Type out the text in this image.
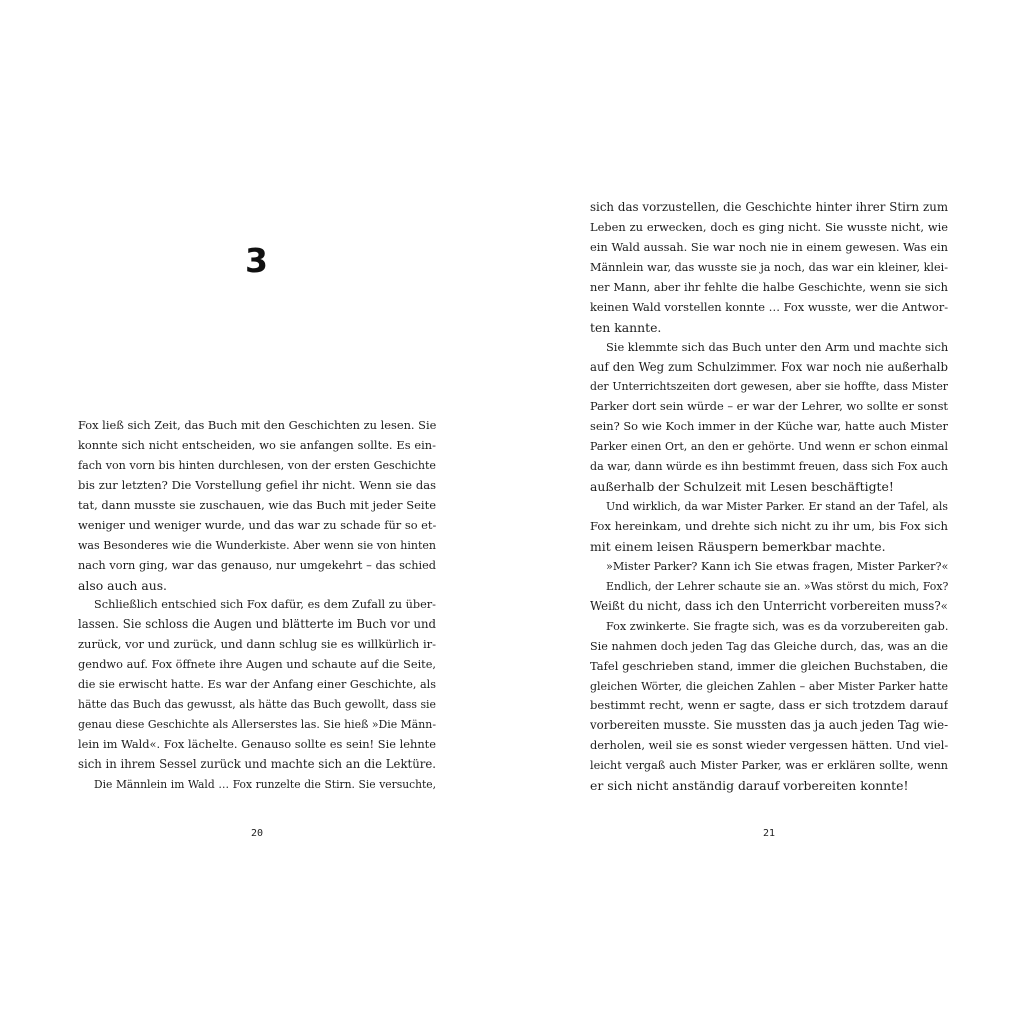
3
Fox ließ sich Zeit, das Buch mit den Geschichten zu lesen. Sie
konnte sich nicht entscheiden, wo sie anfangen sollte. Es ein-
fach von vorn bis hinten durchlesen, von der ersten Geschichte
bis zur letzten? Die Vorstellung gefiel ihr nicht. Wenn sie das
tat, dann musste sie zuschauen, wie das Buch mit jeder Seite
weniger und weniger wurde, und das war zu schade für so et-
was Besonderes wie die Wunderkiste. Aber wenn sie von hinten
nach vorn ging, war das genauso, nur umgekehrt – das schied
also auch aus.
Schließlich entschied sich Fox dafür, es dem Zufall zu über-
lassen. Sie schloss die Augen und blätterte im Buch vor und
zurück, vor und zurück, und dann schlug sie es willkürlich ir-
gendwo auf. Fox öffnete ihre Augen und schaute auf die Seite,
die sie erwischt hatte. Es war der Anfang einer Geschichte, als
hätte das Buch das gewusst, als hätte das Buch gewollt, dass sie
genau diese Geschichte als Allerserstes las. Sie hieß »Die Männ-
lein im Wald«. Fox lächelte. Genauso sollte es sein! Sie lehnte
sich in ihrem Sessel zurück und machte sich an die Lektüre.
Die Männlein im Wald … Fox runzelte die Stirn. Sie versuchte,
20
sich das vorzustellen, die Geschichte hinter ihrer Stirn zum
Leben zu erwecken, doch es ging nicht. Sie wusste nicht, wie
ein Wald aussah. Sie war noch nie in einem gewesen. Was ein
Männlein war, das wusste sie ja noch, das war ein kleiner, klei-
ner Mann, aber ihr fehlte die halbe Geschichte, wenn sie sich
keinen Wald vorstellen konnte … Fox wusste, wer die Antwor-
ten kannte.
Sie klemmte sich das Buch unter den Arm und machte sich
auf den Weg zum Schulzimmer. Fox war noch nie außerhalb
der Unterrichtszeiten dort gewesen, aber sie hoffte, dass Mister
Parker dort sein würde – er war der Lehrer, wo sollte er sonst
sein? So wie Koch immer in der Küche war, hatte auch Mister
Parker einen Ort, an den er gehörte. Und wenn er schon einmal
da war, dann würde es ihn bestimmt freuen, dass sich Fox auch
außerhalb der Schulzeit mit Lesen beschäftigte!
Und wirklich, da war Mister Parker. Er stand an der Tafel, als
Fox hereinkam, und drehte sich nicht zu ihr um, bis Fox sich
mit einem leisen Räuspern bemerkbar machte.
»Mister Parker? Kann ich Sie etwas fragen, Mister Parker?«
Endlich, der Lehrer schaute sie an. »Was störst du mich, Fox?
Weißt du nicht, dass ich den Unterricht vorbereiten muss?«
Fox zwinkerte. Sie fragte sich, was es da vorzubereiten gab.
Sie nahmen doch jeden Tag das Gleiche durch, das, was an die
Tafel geschrieben stand, immer die gleichen Buchstaben, die
gleichen Wörter, die gleichen Zahlen – aber Mister Parker hatte
bestimmt recht, wenn er sagte, dass er sich trotzdem darauf
vorbereiten musste. Sie mussten das ja auch jeden Tag wie-
derholen, weil sie es sonst wieder vergessen hätten. Und viel-
leicht vergaß auch Mister Parker, was er erklären sollte, wenn
er sich nicht anständig darauf vorbereiten konnte!
21
